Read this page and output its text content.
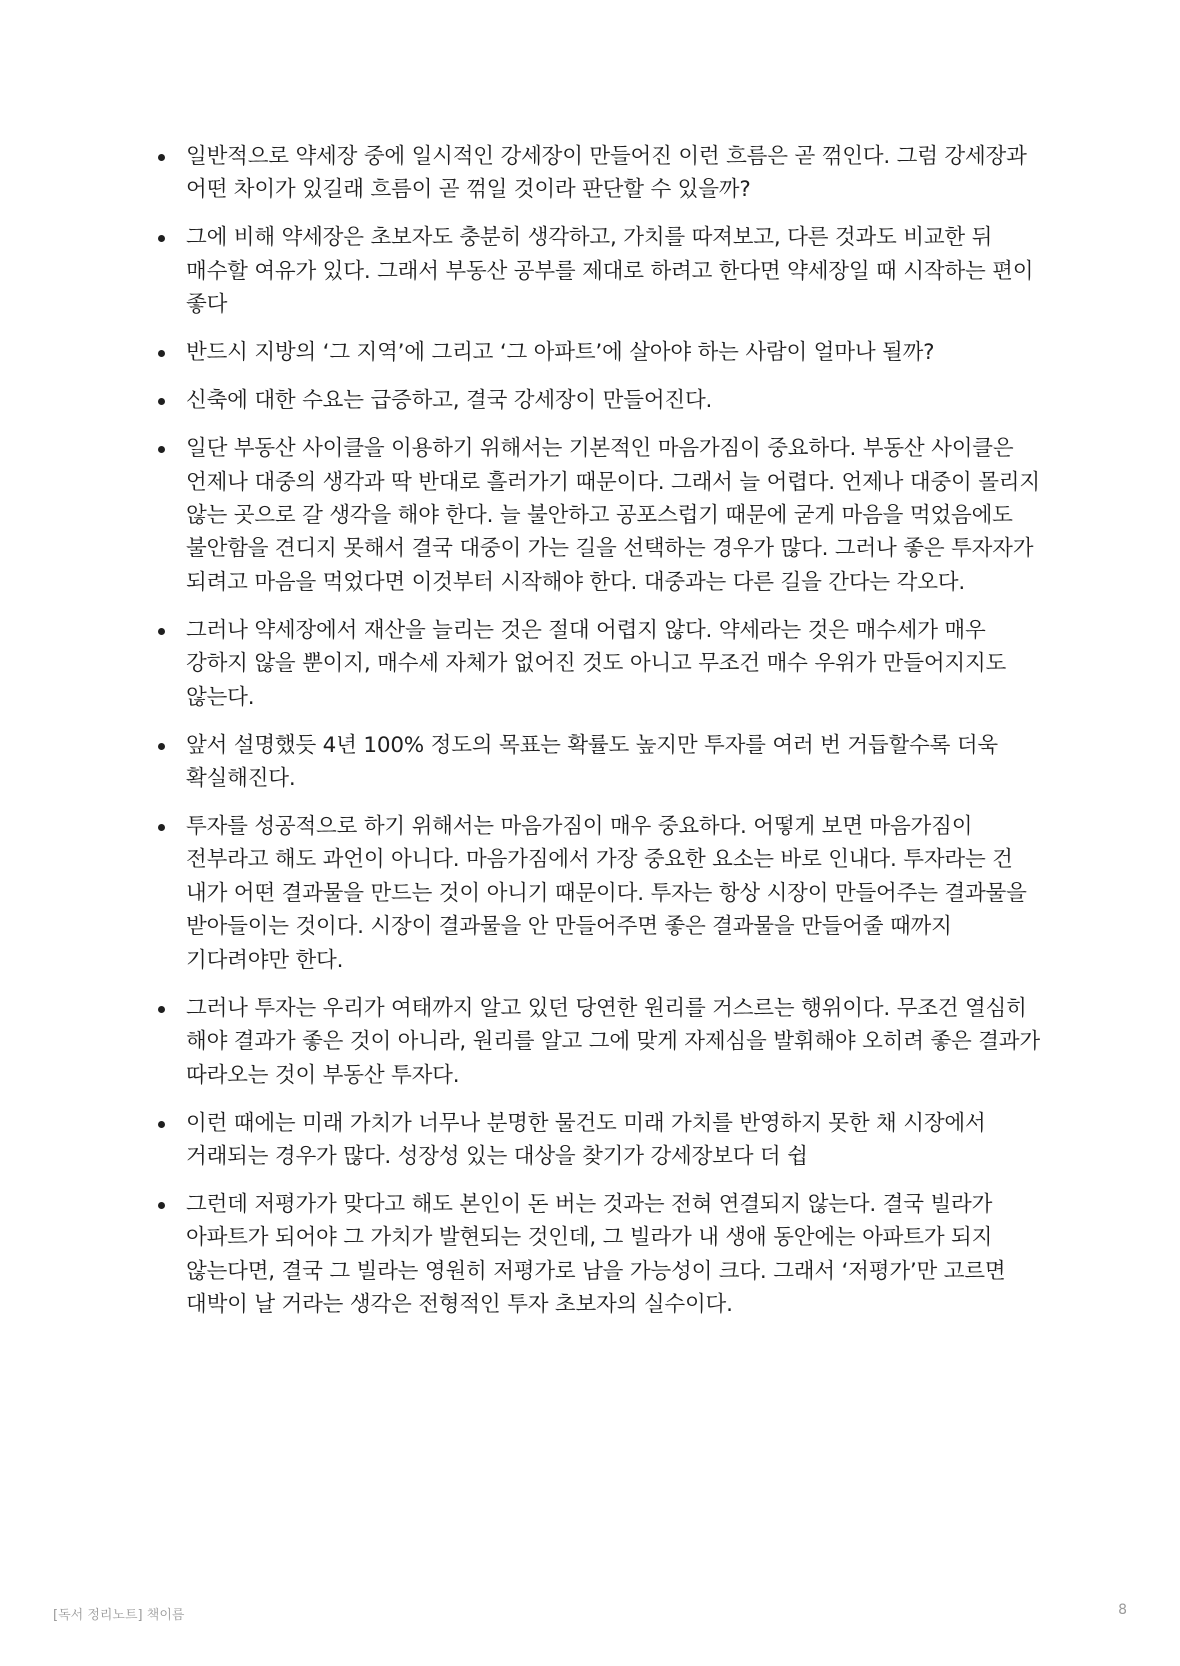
일반적으로 약세장 중에 일시적인 강세장이 만들어진 이런 흐름은 곧 꺾인다. 그럼 강세장과 어떤 차이가 있길래 흐름이 곧 꺾일 것이라 판단할 수 있을까?
그에 비해 약세장은 초보자도 충분히 생각하고, 가치를 따져보고, 다른 것과도 비교한 뒤 매수할 여유가 있다. 그래서 부동산 공부를 제대로 하려고 한다면 약세장일 때 시작하는 편이 좋다
반드시 지방의 ‘그 지역’에 그리고 ‘그 아파트’에 살아야 하는 사람이 얼마나 될까?
신축에 대한 수요는 급증하고, 결국 강세장이 만들어진다.
일단 부동산 사이클을 이용하기 위해서는 기본적인 마음가짐이 중요하다. 부동산 사이클은 언제나 대중의 생각과 딱 반대로 흘러가기 때문이다. 그래서 늘 어렵다. 언제나 대중이 몰리지 않는 곳으로 갈 생각을 해야 한다. 늘 불안하고 공포스럽기 때문에 굳게 마음을 먹었음에도 불안함을 견디지 못해서 결국 대중이 가는 길을 선택하는 경우가 많다. 그러나 좋은 투자자가 되려고 마음을 먹었다면 이것부터 시작해야 한다. 대중과는 다른 길을 간다는 각오다.
그러나 약세장에서 재산을 늘리는 것은 절대 어렵지 않다. 약세라는 것은 매수세가 매우 강하지 않을 뿐이지, 매수세 자체가 없어진 것도 아니고 무조건 매수 우위가 만들어지지도 않는다.
앞서 설명했듯 4년 100% 정도의 목표는 확률도 높지만 투자를 여러 번 거듭할수록 더욱 확실해진다.
투자를 성공적으로 하기 위해서는 마음가짐이 매우 중요하다. 어떻게 보면 마음가짐이 전부라고 해도 과언이 아니다. 마음가짐에서 가장 중요한 요소는 바로 인내다. 투자라는 건 내가 어떤 결과물을 만드는 것이 아니기 때문이다. 투자는 항상 시장이 만들어주는 결과물을 받아들이는 것이다. 시장이 결과물을 안 만들어주면 좋은 결과물을 만들어줄 때까지 기다려야만 한다.
그러나 투자는 우리가 여태까지 알고 있던 당연한 원리를 거스르는 행위이다. 무조건 열심히 해야 결과가 좋은 것이 아니라, 원리를 알고 그에 맞게 자제심을 발휘해야 오히려 좋은 결과가 따라오는 것이 부동산 투자다.
이런 때에는 미래 가치가 너무나 분명한 물건도 미래 가치를 반영하지 못한 채 시장에서 거래되는 경우가 많다. 성장성 있는 대상을 찾기가 강세장보다 더 쉽
그런데 저평가가 맞다고 해도 본인이 돈 버는 것과는 전혀 연결되지 않는다. 결국 빌라가 아파트가 되어야 그 가치가 발현되는 것인데, 그 빌라가 내 생애 동안에는 아파트가 되지 않는다면, 결국 그 빌라는 영원히 저평가로 남을 가능성이 크다. 그래서 ‘저평가’만 고르면 대박이 날 거라는 생각은 전형적인 투자 초보자의 실수이다.
[독서 정리노트] 책이름	8
